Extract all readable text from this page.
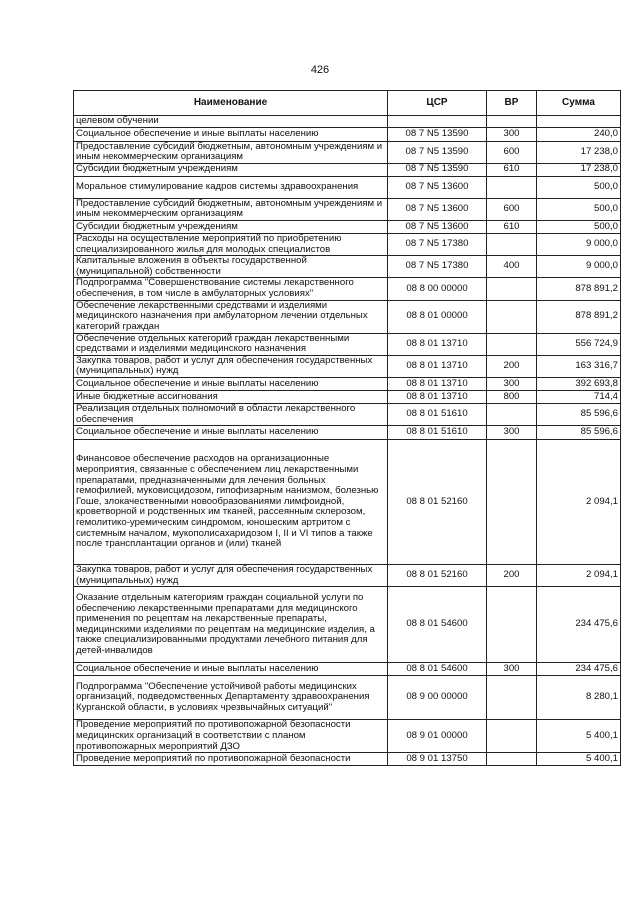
426
Наименование	ЦСР	ВР	Сумма
целевом обучении			
Социальное обеспечение и иные выплаты населению	08 7 N5 13590	300	240,0
Предоставление субсидий бюджетным, автономным учреждениям и иным некоммерческим организациям	08 7 N5 13590	600	17 238,0
Субсидии бюджетным учреждениям	08 7 N5 13590	610	17 238,0
Моральное стимулирование кадров системы здравоохранения	08 7 N5 13600		500,0
Предоставление субсидий бюджетным, автономным учреждениям и иным некоммерческим организациям	08 7 N5 13600	600	500,0
Субсидии бюджетным учреждениям	08 7 N5 13600	610	500,0
Расходы на осуществление мероприятий по приобретению специализированного жилья для молодых специалистов	08 7 N5 17380		9 000,0
Капитальные вложения в объекты государственной (муниципальной) собственности	08 7 N5 17380	400	9 000,0
Подпрограмма "Совершенствование системы лекарственного обеспечения, в том числе в амбулаторных условиях"	08 8 00 00000		878 891,2
Обеспечение лекарственными средствами и изделиями медицинского назначения при амбулаторном лечении отдельных категорий граждан	08 8 01 00000		878 891,2
Обеспечение отдельных категорий граждан лекарственными средствами и изделиями медицинского назначения	08 8 01 13710		556 724,9
Закупка товаров, работ и услуг для обеспечения государственных (муниципальных) нужд	08 8 01 13710	200	163 316,7
Социальное обеспечение и иные выплаты населению	08 8 01 13710	300	392 693,8
Иные бюджетные ассигнования	08 8 01 13710	800	714,4
Реализация отдельных полномочий в области лекарственного обеспечения	08 8 01 51610		85 596,6
Социальное обеспечение и иные выплаты населению	08 8 01 51610	300	85 596,6
Финансовое обеспечение расходов на организационные мероприятия, связанные с обеспечением лиц лекарственными препаратами, предназначенными для лечения больных гемофилией, муковисцидозом, гипофизарным нанизмом, болезнью Гоше, злокачественными новообразованиями лимфоидной, кроветворной и родственных им тканей, рассеянным склерозом, гемолитико-уремическим синдромом, юношеским артритом с системным началом, мукополисахаридозом I, II и VI типов а также после трансплантации органов и (или) тканей	08 8 01 52160		2 094,1
Закупка товаров, работ и услуг для обеспечения государственных (муниципальных) нужд	08 8 01 52160	200	2 094,1
Оказание отдельным категориям граждан социальной услуги по обеспечению лекарственными препаратами для медицинского применения по рецептам на лекарственные препараты, медицинскими изделиями по рецептам на медицинские изделия, а также специализированными продуктами лечебного питания для детей-инвалидов	08 8 01 54600		234 475,6
Социальное обеспечение и иные выплаты населению	08 8 01 54600	300	234 475,6
Подпрограмма "Обеспечение устойчивой работы медицинских организаций, подведомственных Департаменту здравоохранения Курганской области, в условиях чрезвычайных ситуаций"	08 9 00 00000		8 280,1
Проведение мероприятий по противопожарной безопасности медицинских организаций в соответствии с планом противопожарных мероприятий ДЗО	08 9 01 00000		5 400,1
Проведение мероприятий по противопожарной безопасности	08 9 01 13750		5 400,1
